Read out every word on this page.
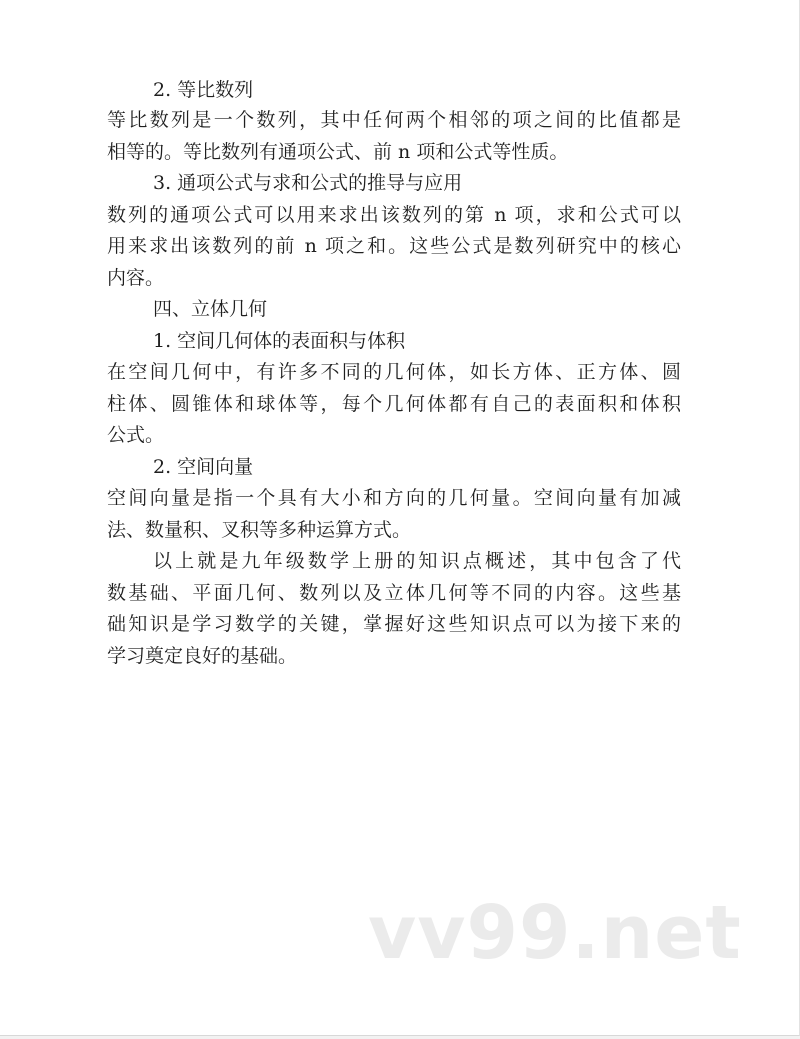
2. 等比数列
等比数列是一个数列，其中任何两个相邻的项之间的比值都是
相等的。等比数列有通项公式、前 n 项和公式等性质。
3. 通项公式与求和公式的推导与应用
数列的通项公式可以用来求出该数列的第 n 项，求和公式可以
用来求出该数列的前 n 项之和。这些公式是数列研究中的核心
内容。
四、立体几何
1. 空间几何体的表面积与体积
在空间几何中，有许多不同的几何体，如长方体、正方体、圆
柱体、圆锥体和球体等，每个几何体都有自己的表面积和体积
公式。
2. 空间向量
空间向量是指一个具有大小和方向的几何量。空间向量有加减
法、数量积、叉积等多种运算方式。
以上就是九年级数学上册的知识点概述，其中包含了代
数基础、平面几何、数列以及立体几何等不同的内容。这些基
础知识是学习数学的关键，掌握好这些知识点可以为接下来的
学习奠定良好的基础。
vv99.net
